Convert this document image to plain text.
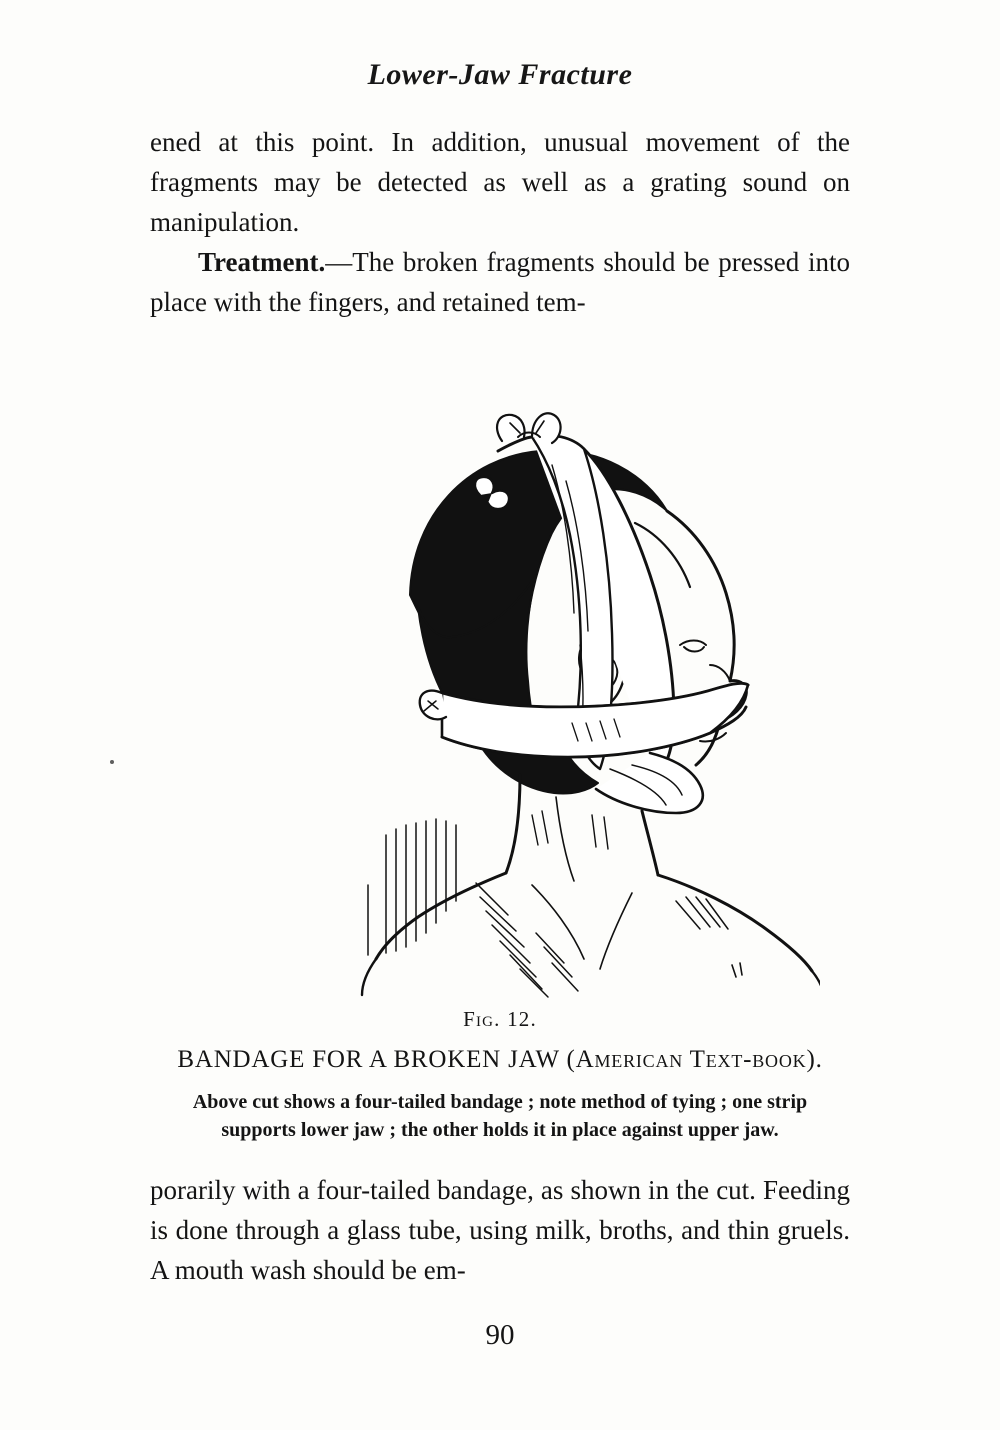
Lower-Jaw Fracture

ened at this point. In addition, unusual movement of the fragments may be detected as well as a grating sound on manipulation.

Treatment.—The broken fragments should be pressed into place with the fingers, and retained tem-

Fig. 12.
BANDAGE FOR A BROKEN JAW (American Text-book).
Above cut shows a four-tailed bandage ; note method of tying ; one strip
supports lower jaw ; the other holds it in place against upper jaw.

porarily with a four-tailed bandage, as shown in the cut. Feeding is done through a glass tube, using milk, broths, and thin gruels. A mouth wash should be em-

90
